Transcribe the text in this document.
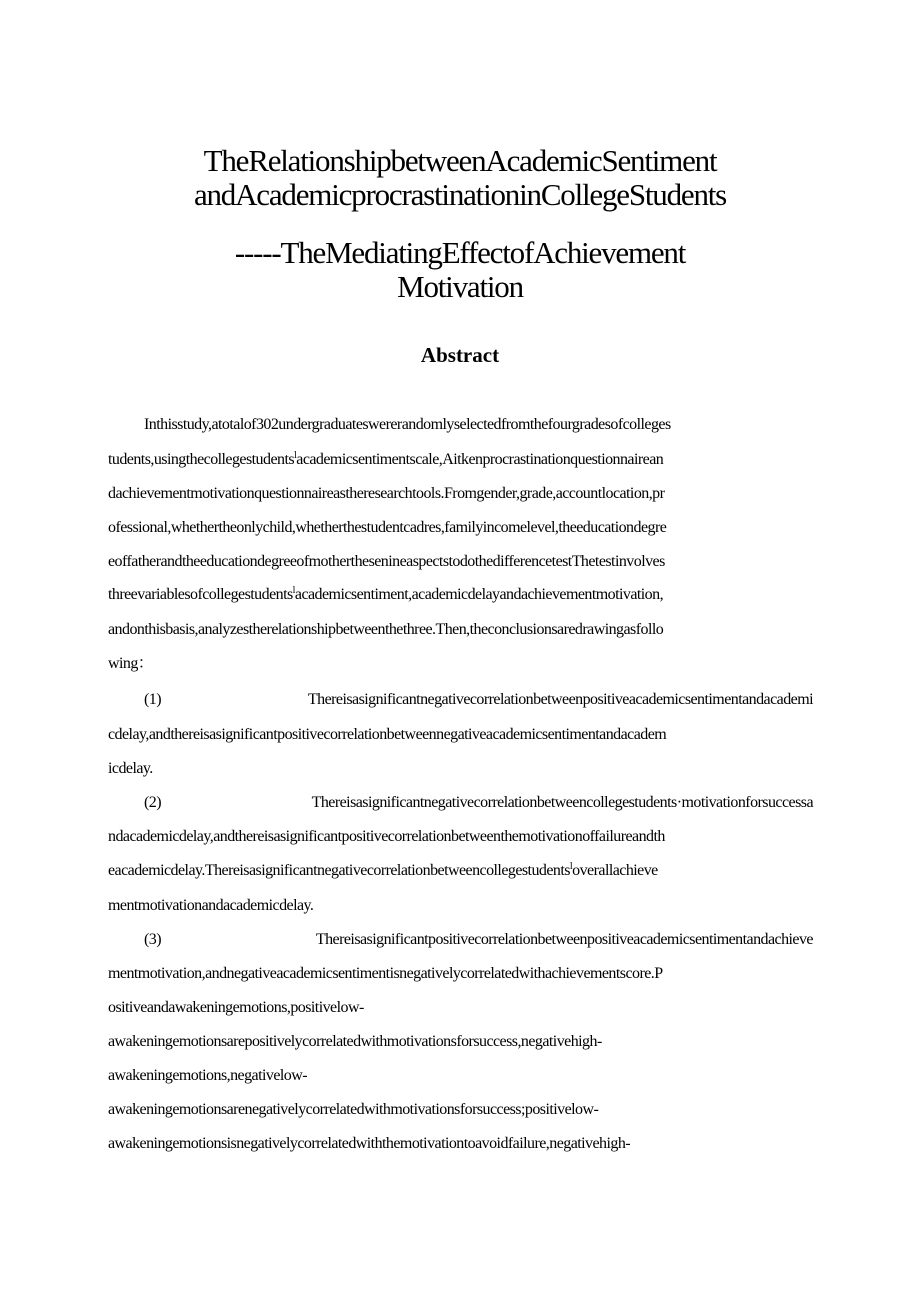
TheRelationshipbetweenAcademicSentiment
andAcademicprocrastinationinCollegeStudents
-----TheMediatingEffectofAchievement
Motivation
Abstract
Inthisstudy,atotalof302undergraduateswererandomlyselectedfromthefourgradesofcolleges
tudents,usingthecollegestudents$^l$academicsentimentscale,Aitkenprocrastinationquestionnairean
dachievementmotivationquestionnaireastheresearchtools.Fromgender,grade,accountlocation,pr
ofessional,whethertheonlychild,whetherthestudentcadres,familyincomelevel,theeducationdegre
eoffatherandtheeducationdegreeofmotherthesenineaspectstodothedifferencetestThetestinvolves
threevariablesofcollegestudents$^l$academicsentiment,academicdelayandachievementmotivation,
andonthisbasis,analyzestherelationshipbetweenthethree.Then,theconclusionsaredrawingasfollo
wing：
(1)	Thereisasignificantnegativecorrelationbetweenpositiveacademicsentimentandacademi
cdelay,andthereisasignificantpositivecorrelationbetweennegativeacademicsentimentandacadem
icdelay.
(2)	Thereisasignificantnegativecorrelationbetweencollegestudents·motivationforsuccessa
ndacademicdelay,andthereisasignificantpositivecorrelationbetweenthemotivationoffailureandth
eacademicdelay.Thereisasignificantnegativecorrelationbetweencollegestudents$^l$overallachieve
mentmotivationandacademicdelay.
(3)	Thereisasignificantpositivecorrelationbetweenpositiveacademicsentimentandachieve
mentmotivation,andnegativeacademicsentimentisnegativelycorrelatedwithachievementscore.P
ositiveandawakeningemotions,positivelow-
awakeningemotionsarepositivelycorrelatedwithmotivationsforsuccess,negativehigh-
awakeningemotions,negativelow-
awakeningemotionsarenegativelycorrelatedwithmotivationsforsuccess;positivelow-
awakeningemotionsisnegativelycorrelatedwiththemotivationtoavoidfailure,negativehigh-
